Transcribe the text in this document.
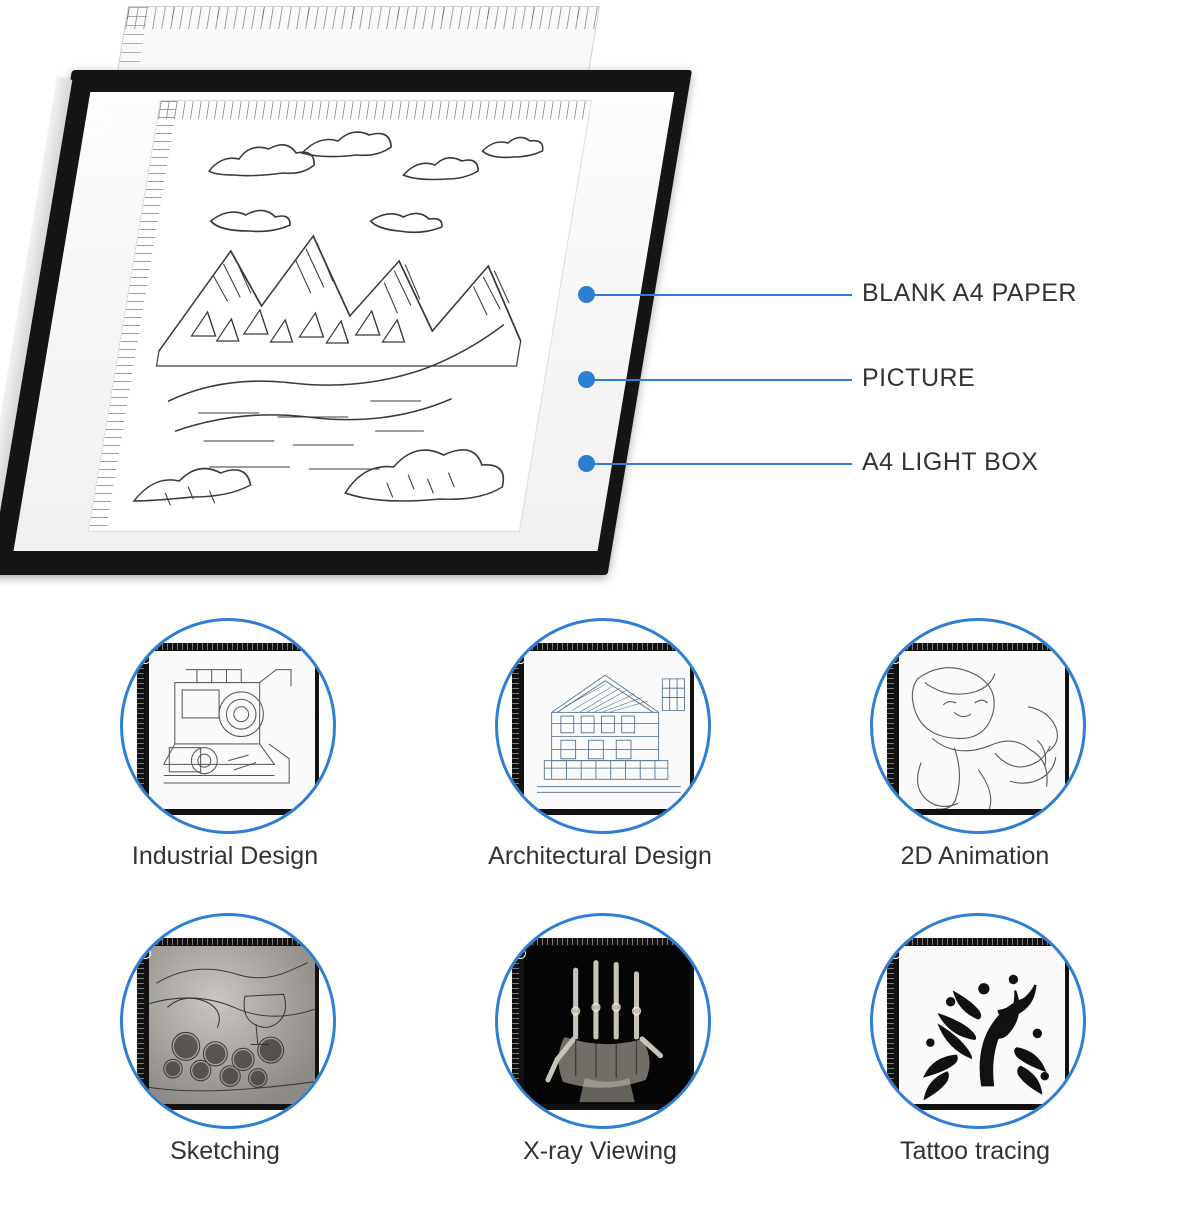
BLANK A4 PAPER
PICTURE
A4 LIGHT BOX
Industrial Design	Architectural Design	2D Animation
Sketching	X-ray Viewing	Tattoo tracing
